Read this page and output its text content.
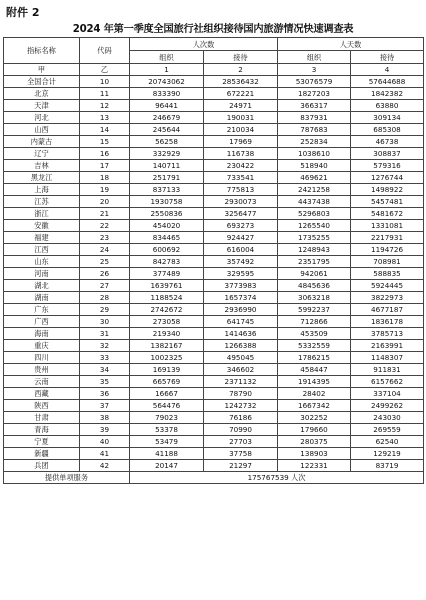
附件 2
2024 年第一季度全国旅行社组织接待国内旅游情况快速调查表
指标名称	代码	人次数		人天数	
		组织	接待	组织	接待
甲	乙	1	2	3	4
全国合计	10	20743062	28536432	53076579	57644688
北京	11	833390	672221	1827203	1842382
天津	12	96441	24971	366317	63880
河北	13	246679	190031	837931	309134
山西	14	245644	210034	787683	685308
内蒙古	15	56258	17969	252834	46738
辽宁	16	332929	116738	1038610	308837
吉林	17	140711	230422	518940	579316
黑龙江	18	251791	733541	469621	1276744
上海	19	837133	775813	2421258	1498922
江苏	20	1930758	2930073	4437438	5457481
浙江	21	2550836	3256477	5296803	5481672
安徽	22	454020	693273	1265540	1331081
福建	23	834465	924427	1735255	2217931
江西	24	600692	616004	1248943	1194726
山东	25	842783	357492	2351795	708981
河南	26	377489	329595	942061	588835
湖北	27	1639761	3773983	4845636	5924445
湖南	28	1188524	1657374	3063218	3822973
广东	29	2742672	2936990	5992237	4677187
广西	30	273058	641745	712866	1836178
海南	31	219340	1414636	453509	3785713
重庆	32	1382167	1266388	5332559	2163991
四川	33	1002325	495045	1786215	1148307
贵州	34	169139	346602	458447	911831
云南	35	665769	2371132	1914395	6157662
西藏	36	16667	78790	28402	337104
陕西	37	564476	1242732	1667342	2499262
甘肃	38	79023	76186	302252	243030
青海	39	53378	70990	179660	269559
宁夏	40	53479	27703	280375	62540
新疆	41	41188	37758	138903	129219
兵团	42	20147	21297	122331	83719
提供单项服务		175767539 人次			
